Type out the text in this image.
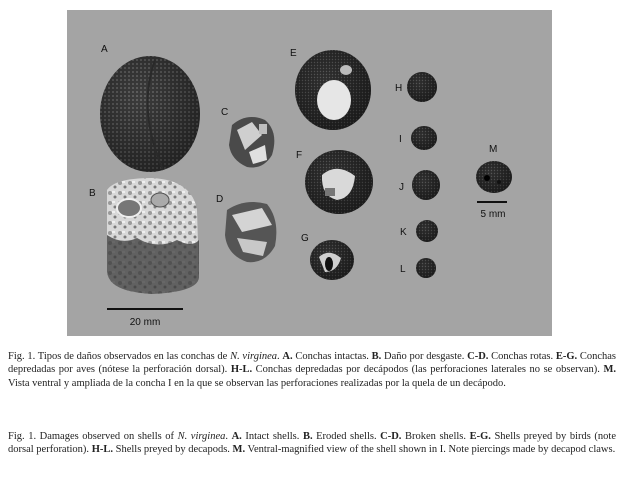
A
B
20 mm
C
D
E
F
G
H
I
J
K
L
M
5 mm
Fig. 1. Tipos de daños observados en las conchas de N. virginea. A. Conchas intactas. B. Daño por desgaste. C-D. Conchas rotas. E-G. Conchas depredadas por aves (nótese la perforación dorsal). H-L. Conchas depredadas por decápodos (las perforaciones laterales no se observan). M. Vista ventral y ampliada de la concha I en la que se observan las perforaciones realizadas por la quela de un decápodo.
Fig. 1. Damages observed on shells of N. virginea. A. Intact shells. B. Eroded shells. C-D. Broken shells. E-G. Shells preyed by birds (note dorsal perforation). H-L. Shells preyed by decapods. M. Ventral-magnified view of the shell shown in I. Note piercings made by decapod claws.
